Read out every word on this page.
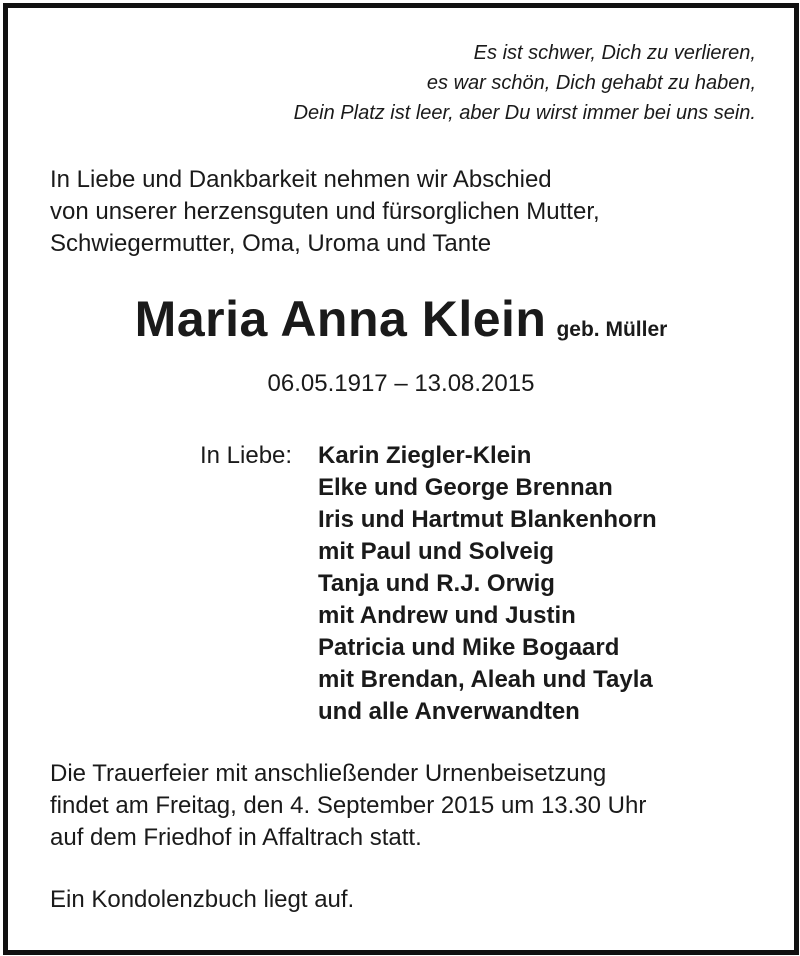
Es ist schwer, Dich zu verlieren,
es war schön, Dich gehabt zu haben,
Dein Platz ist leer, aber Du wirst immer bei uns sein.
In Liebe und Dankbarkeit nehmen wir Abschied
von unserer herzensguten und fürsorglichen Mutter,
Schwiegermutter, Oma, Uroma und Tante
Maria Anna Klein geb. Müller
06.05.1917 – 13.08.2015
In Liebe: Karin Ziegler-Klein
Elke und George Brennan
Iris und Hartmut Blankenhorn
mit Paul und Solveig
Tanja und R.J. Orwig
mit Andrew und Justin
Patricia und Mike Bogaard
mit Brendan, Aleah und Tayla
und alle Anverwandten
Die Trauerfeier mit anschließender Urnenbeisetzung
findet am Freitag, den 4. September 2015 um 13.30 Uhr
auf dem Friedhof in Affaltrach statt.
Ein Kondolenzbuch liegt auf.
